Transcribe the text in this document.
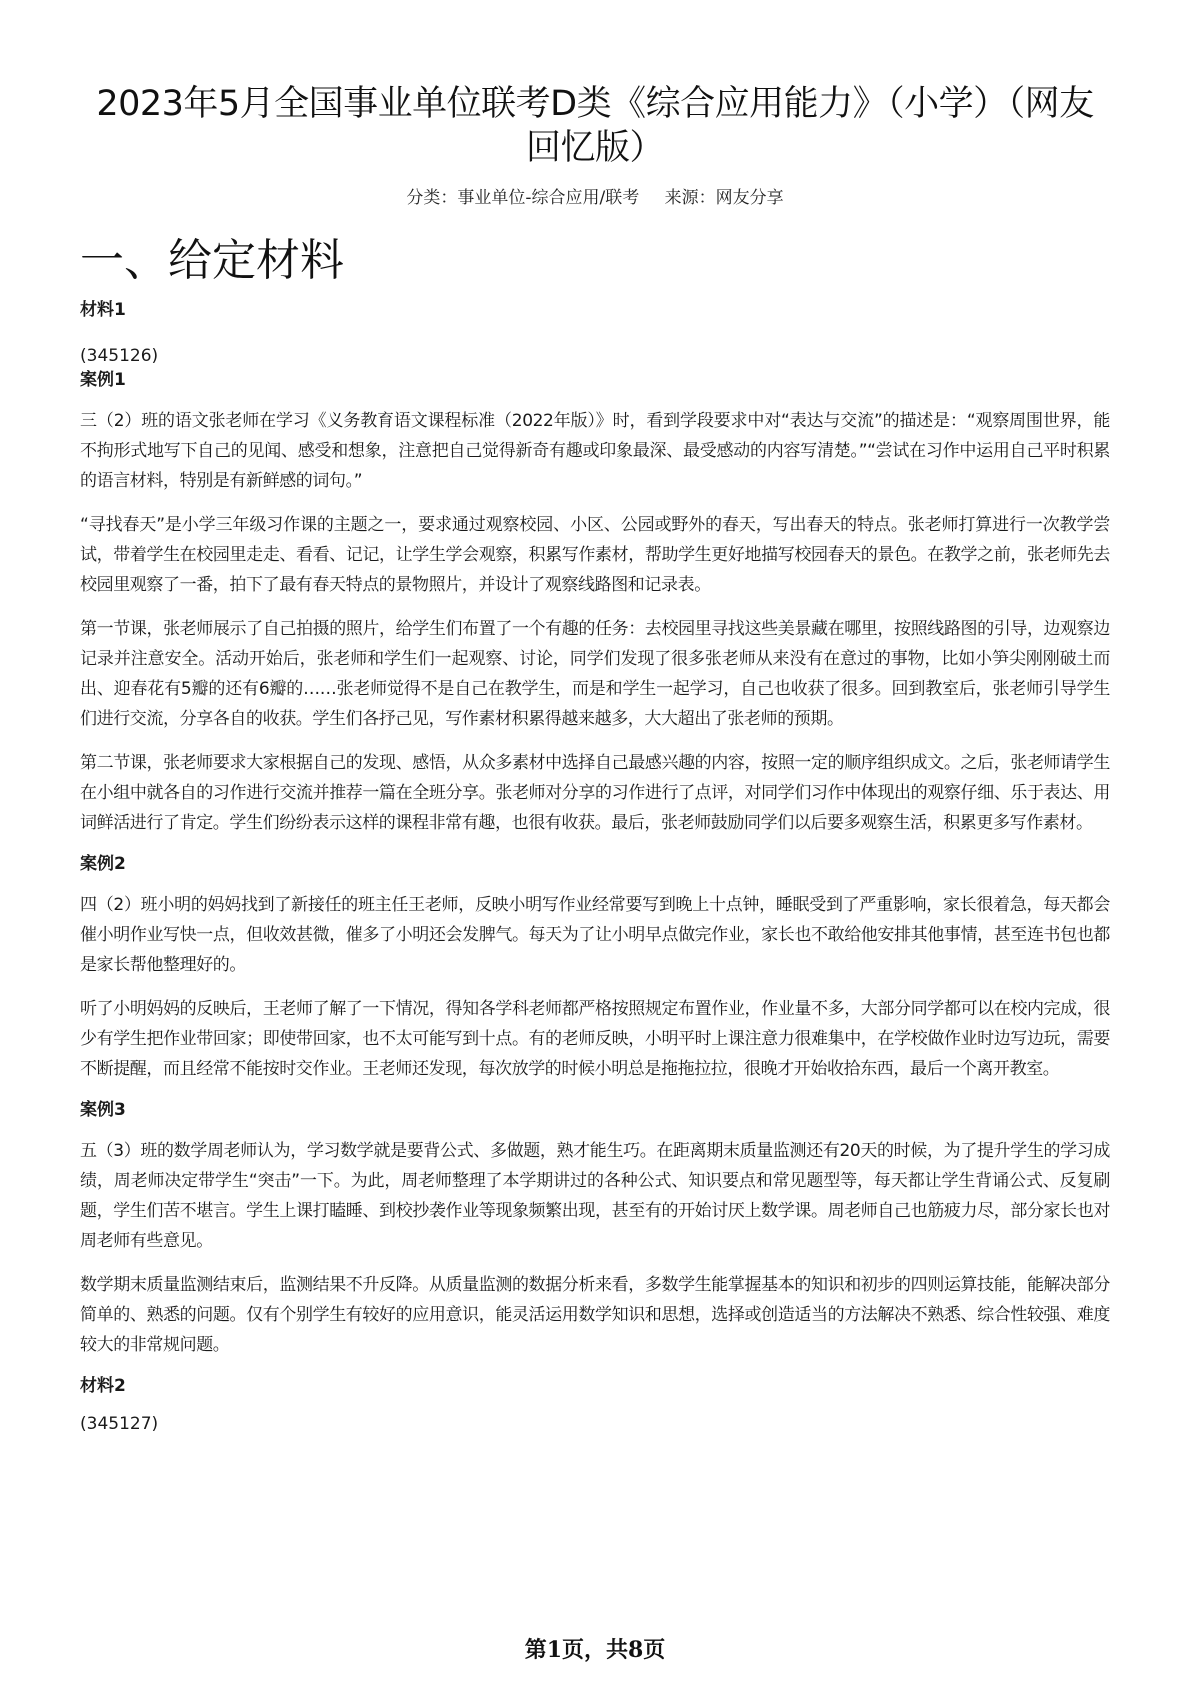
2023年5月全国事业单位联考D类《综合应用能力》（小学）（网友回忆版）
分类：事业单位-综合应用/联考 来源：网友分享
一、给定材料
材料1
(345126)
案例1

三（2）班的语文张老师在学习《义务教育语文课程标准（2022年版）》时，看到学段要求中对“表达与交流”的描述是：“观察周围世界，能不拘形式地写下自己的见闻、感受和想象，注意把自己觉得新奇有趣或印象最深、最受感动的内容写清楚。”“尝试在习作中运用自己平时积累的语言材料，特别是有新鲜感的词句。”

“寻找春天”是小学三年级习作课的主题之一，要求通过观察校园、小区、公园或野外的春天，写出春天的特点。张老师打算进行一次教学尝试，带着学生在校园里走走、看看、记记，让学生学会观察，积累写作素材，帮助学生更好地描写校园春天的景色。在教学之前，张老师先去校园里观察了一番，拍下了最有春天特点的景物照片，并设计了观察线路图和记录表。

第一节课，张老师展示了自己拍摄的照片，给学生们布置了一个有趣的任务：去校园里寻找这些美景藏在哪里，按照线路图的引导，边观察边记录并注意安全。活动开始后，张老师和学生们一起观察、讨论，同学们发现了很多张老师从来没有在意过的事物，比如小笋尖刚刚破土而出、迎春花有5瓣的还有6瓣的……张老师觉得不是自己在教学生，而是和学生一起学习，自己也收获了很多。回到教室后，张老师引导学生们进行交流，分享各自的收获。学生们各抒己见，写作素材积累得越来越多，大大超出了张老师的预期。

第二节课，张老师要求大家根据自己的发现、感悟，从众多素材中选择自己最感兴趣的内容，按照一定的顺序组织成文。之后，张老师请学生在小组中就各自的习作进行交流并推荐一篇在全班分享。张老师对分享的习作进行了点评，对同学们习作中体现出的观察仔细、乐于表达、用词鲜活进行了肯定。学生们纷纷表示这样的课程非常有趣，也很有收获。最后，张老师鼓励同学们以后要多观察生活，积累更多写作素材。

案例2

四（2）班小明的妈妈找到了新接任的班主任王老师，反映小明写作业经常要写到晚上十点钟，睡眠受到了严重影响，家长很着急，每天都会催小明作业写快一点，但收效甚微，催多了小明还会发脾气。每天为了让小明早点做完作业，家长也不敢给他安排其他事情，甚至连书包也都是家长帮他整理好的。

听了小明妈妈的反映后，王老师了解了一下情况，得知各学科老师都严格按照规定布置作业，作业量不多，大部分同学都可以在校内完成，很少有学生把作业带回家；即使带回家，也不太可能写到十点。有的老师反映，小明平时上课注意力很难集中，在学校做作业时边写边玩，需要不断提醒，而且经常不能按时交作业。王老师还发现，每次放学的时候小明总是拖拖拉拉，很晚才开始收拾东西，最后一个离开教室。

案例3

五（3）班的数学周老师认为，学习数学就是要背公式、多做题，熟才能生巧。在距离期末质量监测还有20天的时候，为了提升学生的学习成绩，周老师决定带学生“突击”一下。为此，周老师整理了本学期讲过的各种公式、知识要点和常见题型等，每天都让学生背诵公式、反复刷题，学生们苦不堪言。学生上课打瞌睡、到校抄袭作业等现象频繁出现，甚至有的开始讨厌上数学课。周老师自己也筋疲力尽，部分家长也对周老师有些意见。

数学期末质量监测结束后，监测结果不升反降。从质量监测的数据分析来看，多数学生能掌握基本的知识和初步的四则运算技能，能解决部分简单的、熟悉的问题。仅有个别学生有较好的应用意识，能灵活运用数学知识和思想，选择或创造适当的方法解决不熟悉、综合性较强、难度较大的非常规问题。

材料2
(345127)
第1页，共8页
